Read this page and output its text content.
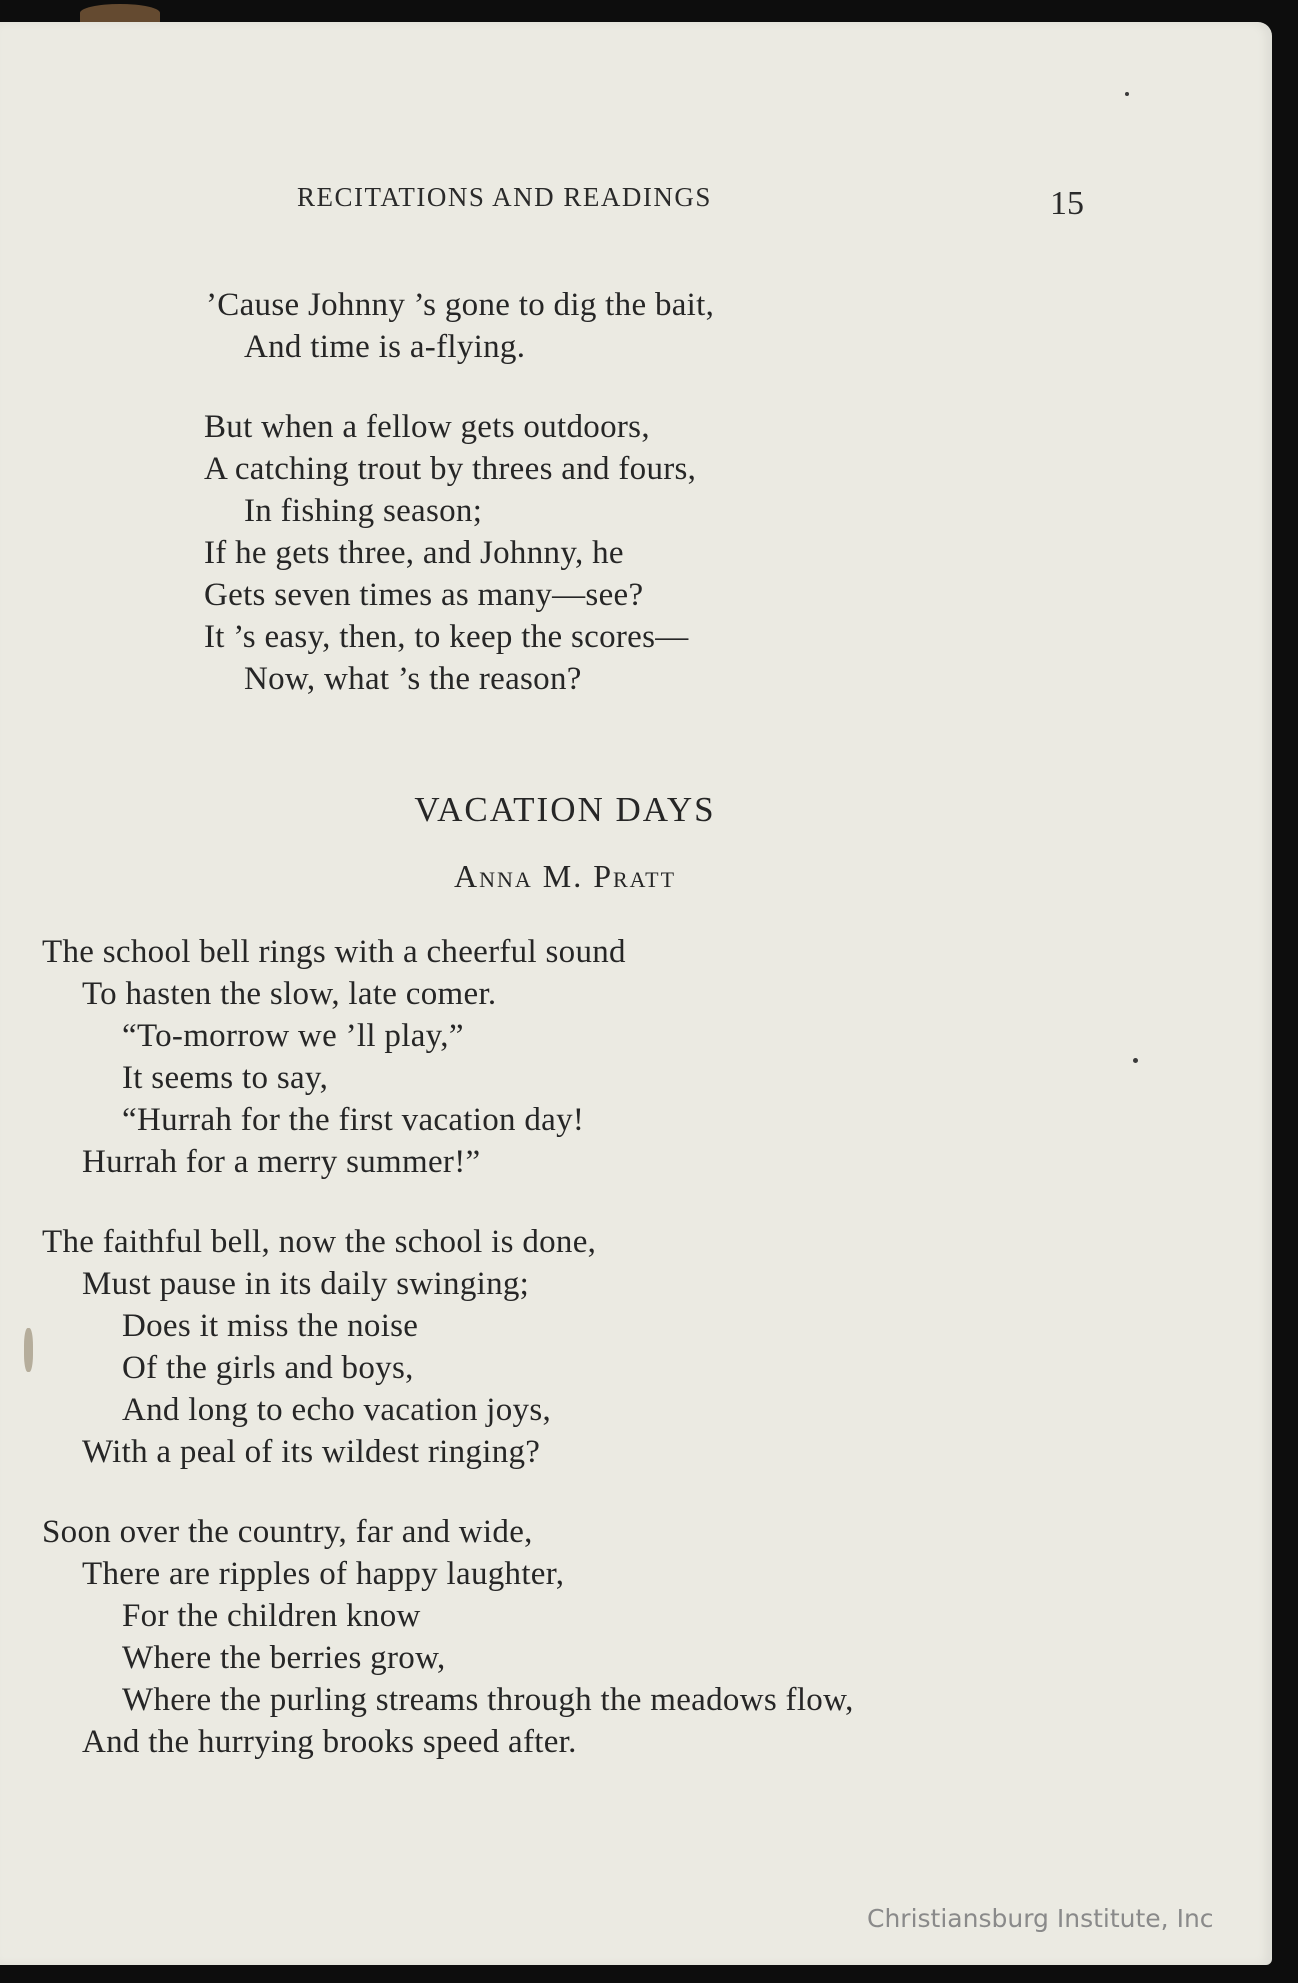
RECITATIONS AND READINGS	15
’Cause Johnny ’s gone to dig the bait,
And time is a-flying.
But when a fellow gets outdoors,
A catching trout by threes and fours,
In fishing season;
If he gets three, and Johnny, he
Gets seven times as many—see?
It ’s easy, then, to keep the scores—
Now, what ’s the reason?
VACATION DAYS
Anna M. Pratt
The school bell rings with a cheerful sound
To hasten the slow, late comer.
“To-morrow we ’ll play,”
It seems to say,
“Hurrah for the first vacation day!
Hurrah for a merry summer!”
The faithful bell, now the school is done,
Must pause in its daily swinging;
Does it miss the noise
Of the girls and boys,
And long to echo vacation joys,
With a peal of its wildest ringing?
Soon over the country, far and wide,
There are ripples of happy laughter,
For the children know
Where the berries grow,
Where the purling streams through the meadows flow,
And the hurrying brooks speed after.
Christiansburg Institute, Inc
